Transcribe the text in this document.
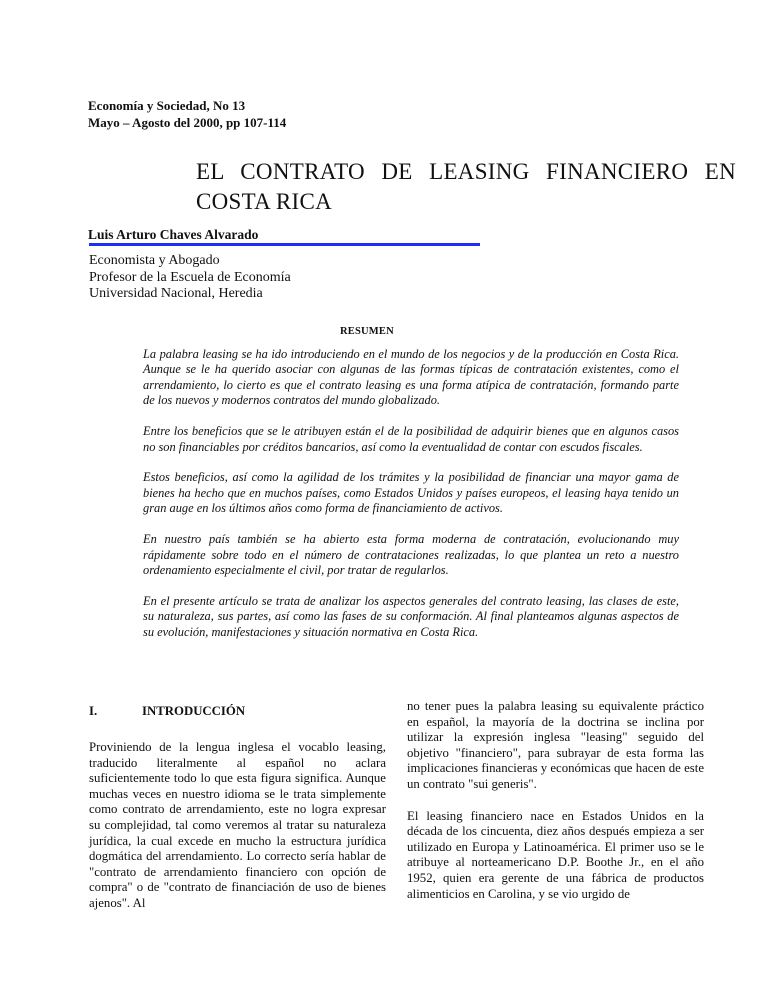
Economía y Sociedad, No 13
Mayo – Agosto del 2000, pp 107-114
EL CONTRATO DE LEASING FINANCIERO EN COSTA RICA
Luis Arturo Chaves Alvarado
Economista y Abogado
Profesor de la Escuela de Economía
Universidad Nacional, Heredia
RESUMEN

La palabra leasing se ha ido introduciendo en el mundo de los negocios y de la producción en Costa Rica. Aunque se le ha querido asociar con algunas de las formas típicas de contratación existentes, como el arrendamiento, lo cierto es que el contrato leasing es una forma atípica de contratación, formando parte de los nuevos y modernos contratos del mundo globalizado.

Entre los beneficios que se le atribuyen están el de la posibilidad de adquirir bienes que en algunos casos no son financiables por créditos bancarios, así como la eventualidad de contar con escudos fiscales.

Estos beneficios, así como la agilidad de los trámites y la posibilidad de financiar una mayor gama de bienes ha hecho que en muchos países, como Estados Unidos y países europeos, el leasing haya tenido un gran auge en los últimos años como forma de financiamiento de activos.

En nuestro país también se ha abierto esta forma moderna de contratación, evolucionando muy rápidamente sobre todo en el número de contrataciones realizadas, lo que plantea un reto a nuestro ordenamiento especialmente el civil, por tratar de regularlos.

En el presente artículo se trata de analizar los aspectos generales del contrato leasing, las clases de este, su naturaleza, sus partes, así como las fases de su conformación. Al final planteamos algunas aspectos de su evolución, manifestaciones y situación normativa en Costa Rica.

I.	INTRODUCCIÓN

Proviniendo de la lengua inglesa el vocablo leasing, traducido literalmente al español no aclara suficientemente todo lo que esta figura significa. Aunque muchas veces en nuestro idioma se le trata simplemente como contrato de arrendamiento, este no logra expresar su complejidad, tal como veremos al tratar su naturaleza jurídica, la cual excede en mucho la estructura jurídica dogmática del arrendamiento. Lo correcto sería hablar de "contrato de arrendamiento financiero con opción de compra" o de "contrato de financiación de uso de bienes ajenos". Al

no tener pues la palabra leasing su equivalente práctico en español, la mayoría de la doctrina se inclina por utilizar la expresión inglesa "leasing" seguido del objetivo "financiero", para subrayar de esta forma las implicaciones financieras y económicas que hacen de este un contrato "sui generis".

El leasing financiero nace en Estados Unidos en la década de los cincuenta, diez años después empieza a ser utilizado en Europa y Latinoamérica. El primer uso se le atribuye al norteamericano D.P. Boothe Jr., en el año 1952, quien era gerente de una fábrica de productos alimenticios en Carolina, y se vio urgido de
